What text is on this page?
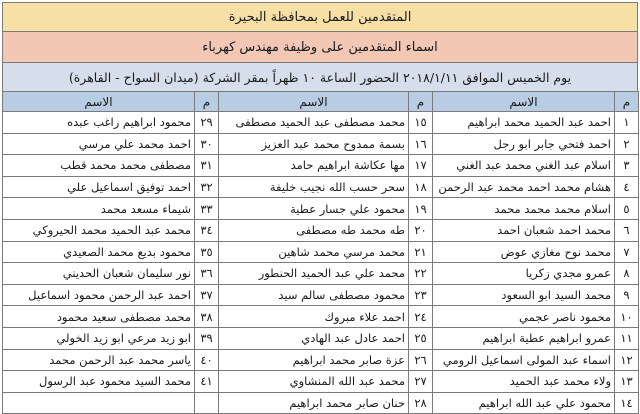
المتقدمين للعمل بمحافظة البحيرة
اسماء المتقدمين على وظيفة مهندس كهرباء
يوم الخميس الموافق ٢٠١٨/١/١١ الحضور الساعة ١٠ ظهراً بمقر الشركة (ميدان السواح - القاهرة)
م	الاسم	م	الاسم	م	الاسم
١	احمد عبد الحميد محمد ابراهيم	١٥	محمد مصطفى عبد الحميد مصطفى	٢٩	محمود ابراهيم راغب عبده
٢	احمد فتحي جابر ابو رجل	١٦	بسمة ممدوح محمد عبد العزيز	٣٠	احمد محمد علي مرسي
٣	اسلام عبد الغني محمد عبد الغني	١٧	مها عكاشة ابراهيم حامد	٣١	مصطفى محمد محمد قطب
٤	هشام محمد احمد محمد عبد الرحمن	١٨	سحر حسب الله نجيب خليفة	٣٢	احمد توفيق اسماعيل علي
٥	اسلام محمد محمد محمد	١٩	محمود علي جسار عطية	٣٣	شيماء مسعد محمد
٦	محمد احمد شعبان احمد	٢٠	طه محمد طه مصطفى	٣٤	محمد عبد الحميد محمد الحيروكي
٧	محمد نوح مغازي عوض	٢١	محمد مرسي محمد شاهين	٣٥	محمود بديع محمد الصعيدي
٨	عمرو مجدي زكريا	٢٢	محمد علي عبد الحميد الحنطور	٣٦	نور سليمان شعبان الحديني
٩	محمد السيد ابو السعود	٢٣	محمود مصطفى سالم سيد	٣٧	احمد عبد الرحمن محمود اسماعيل
١٠	محمود ناصر عجمي	٢٤	احمد علاء مبروك	٣٨	محمد مصطفى سعيد محمود
١١	عمرو ابراهيم عطية ابراهيم	٢٥	احمد عادل عبد الهادي	٣٩	ابو زيد مرعي ابو زيد الخولي
١٢	اسماء عبد المولى اسماعيل الرومي	٢٦	عزة صابر محمد ابراهيم	٤٠	ياسر محمد عبد الرحمن محمد
١٣	ولاء محمد عبد الحميد	٢٧	محمد عبد الله المنشاوي	٤١	محمد السيد محمود عبد الرسول
١٤	محمود علي عبد الله ابراهيم	٢٨	حنان صابر محمد ابراهيم		
